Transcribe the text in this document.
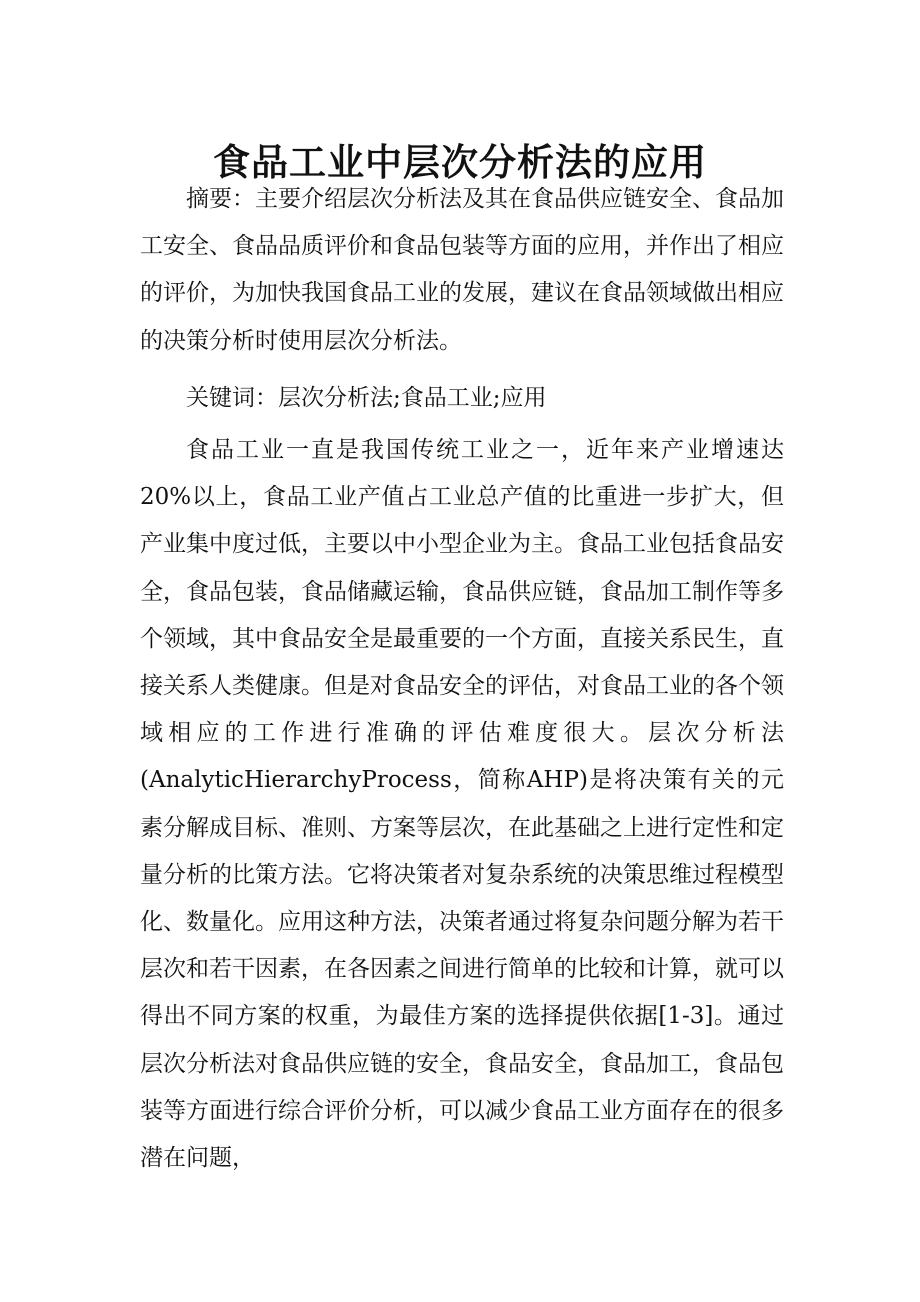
食品工业中层次分析法的应用

摘要：主要介绍层次分析法及其在食品供应链安全、食品加工安全、食品品质评价和食品包装等方面的应用，并作出了相应的评价，为加快我国食品工业的发展，建议在食品领域做出相应的决策分析时使用层次分析法。

关键词：层次分析法;食品工业;应用

食品工业一直是我国传统工业之一，近年来产业增速达20%以上，食品工业产值占工业总产值的比重进一步扩大，但产业集中度过低，主要以中小型企业为主。食品工业包括食品安全，食品包装，食品储藏运输，食品供应链，食品加工制作等多个领域，其中食品安全是最重要的一个方面，直接关系民生，直接关系人类健康。但是对食品安全的评估，对食品工业的各个领域相应的工作进行准确的评估难度很大。层次分析法(AnalyticHierarchyProcess，简称AHP)是将决策有关的元素分解成目标、准则、方案等层次，在此基础之上进行定性和定量分析的比策方法。它将决策者对复杂系统的决策思维过程模型化、数量化。应用这种方法，决策者通过将复杂问题分解为若干层次和若干因素，在各因素之间进行简单的比较和计算，就可以得出不同方案的权重，为最佳方案的选择提供依据[1-3]。通过层次分析法对食品供应链的安全，食品安全，食品加工，食品包装等方面进行综合评价分析，可以减少食品工业方面存在的很多潜在问题，
